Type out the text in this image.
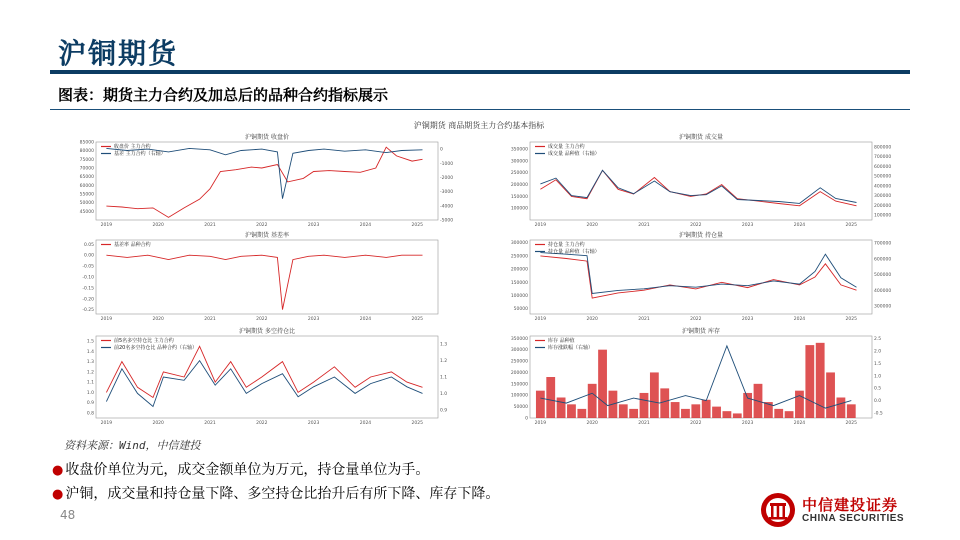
沪铜期货
图表：期货主力合约及加总后的品种合约指标展示
沪铜期货 商品期货主力合约基本指标
沪铜期货 收盘价
2019	2020	2021	2022	2023	2024	2025
45000
50000
55000
60000
65000
70000
75000
80000
85000
-5000
-4000
-3000
-2000
-1000
0
收盘价 主力合约
基差 主力合约（右轴）
沪铜期货 成交量
2019	2020	2021	2022	2023	2024	2025
100000
150000
200000
250000
300000
350000
100000
200000
300000
400000
500000
600000
700000
800000
成交量 主力合约
成交量 品种值（右轴）
沪铜期货 基差率
2019	2020	2021	2022	2023	2024	2025
0.05
0.00
-0.05
-0.10
-0.15
-0.20
-0.25
基差率 品种合约
沪铜期货 持仓量
2019	2020	2021	2022	2023	2024	2025
50000
100000
150000
200000
250000
300000
300000
400000
500000
600000
700000
持仓量 主力合约
持仓量 品种值（右轴）
沪铜期货 多空持仓比
2019	2020	2021	2022	2023	2024	2025
0.8
0.9
1.0
1.1
1.2
1.3
1.4
1.5
0.9
1.0
1.1
1.2
1.3
前5名多空持仓比 主力合约
前20名多空持仓比 品种合约（右轴）
沪铜期货 库存
2019	2020	2021	2022	2023	2024	2025
0
50000
100000
150000
200000
250000
300000
350000
-0.5
0.0
0.5
1.0
1.5
2.0
2.5
库存 品种值
库存涨跌幅（右轴）
资料来源：Wind，中信建投
● 收盘价单位为元，成交金额单位为万元，持仓量单位为手。
● 沪铜，成交量和持仓量下降、多空持仓比抬升后有所下降、库存下降。
48
中信建投证券
CHINA SECURITIES
